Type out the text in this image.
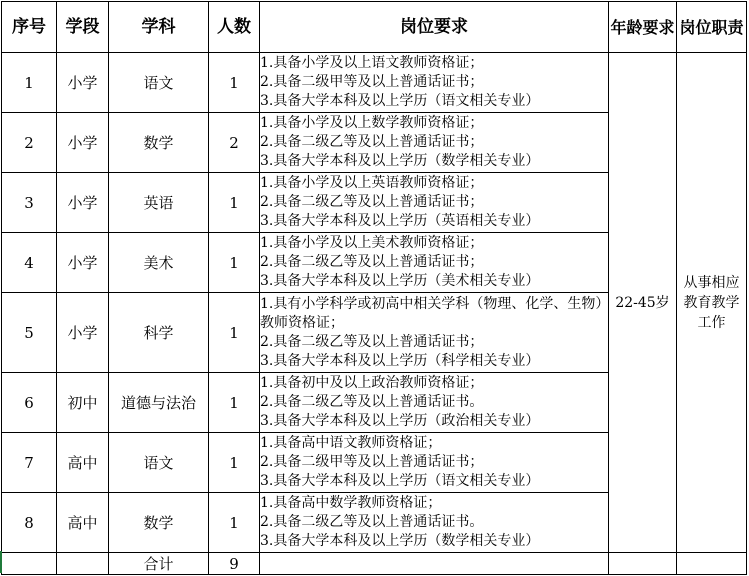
序号	学段	学科	人数	岗位要求	年龄要求	岗位职责
1	小学	语文	1	1.具备小学及以上语文教师资格证；
2.具备二级甲等及以上普通话证书；
3.具备大学本科及以上学历（语文相关专业）	22-45岁	从事相应教育教学工作
2	小学	数学	2	1.具备小学及以上数学教师资格证；
2.具备二级乙等及以上普通话证书；
3.具备大学本科及以上学历（数学相关专业）		

3	小学	英语	1	1.具备小学及以上英语教师资格证；
2.具备二级乙等及以上普通话证书；
3.具备大学本科及以上学历（英语相关专业）		

4	小学	美术	1	1.具备小学及以上美术教师资格证；
2.具备二级乙等及以上普通话证书；
3.具备大学本科及以上学历（美术相关专业）		

5	小学	科学	1	1.具有小学科学或初高中相关学科（物理、化学、生物）教师资格证；
2.具备二级乙等及以上普通话证书；
3.具备大学本科及以上学历（科学相关专业）		

6	初中	道德与法治	1	1.具备初中及以上政治教师资格证；
2.具备二级乙等及以上普通话证书。
3.具备大学本科及以上学历（政治相关专业）		

7	高中	语文	1	1.具备高中语文教师资格证；
2.具备二级甲等及以上普通话证书；
3.具备大学本科及以上学历（语文相关专业）		

8	高中	数学	1	1.具备高中数学教师资格证；
2.具备二级乙等及以上普通话证书。
3.具备大学本科及以上学历（数学相关专业）		

		合计	9			
